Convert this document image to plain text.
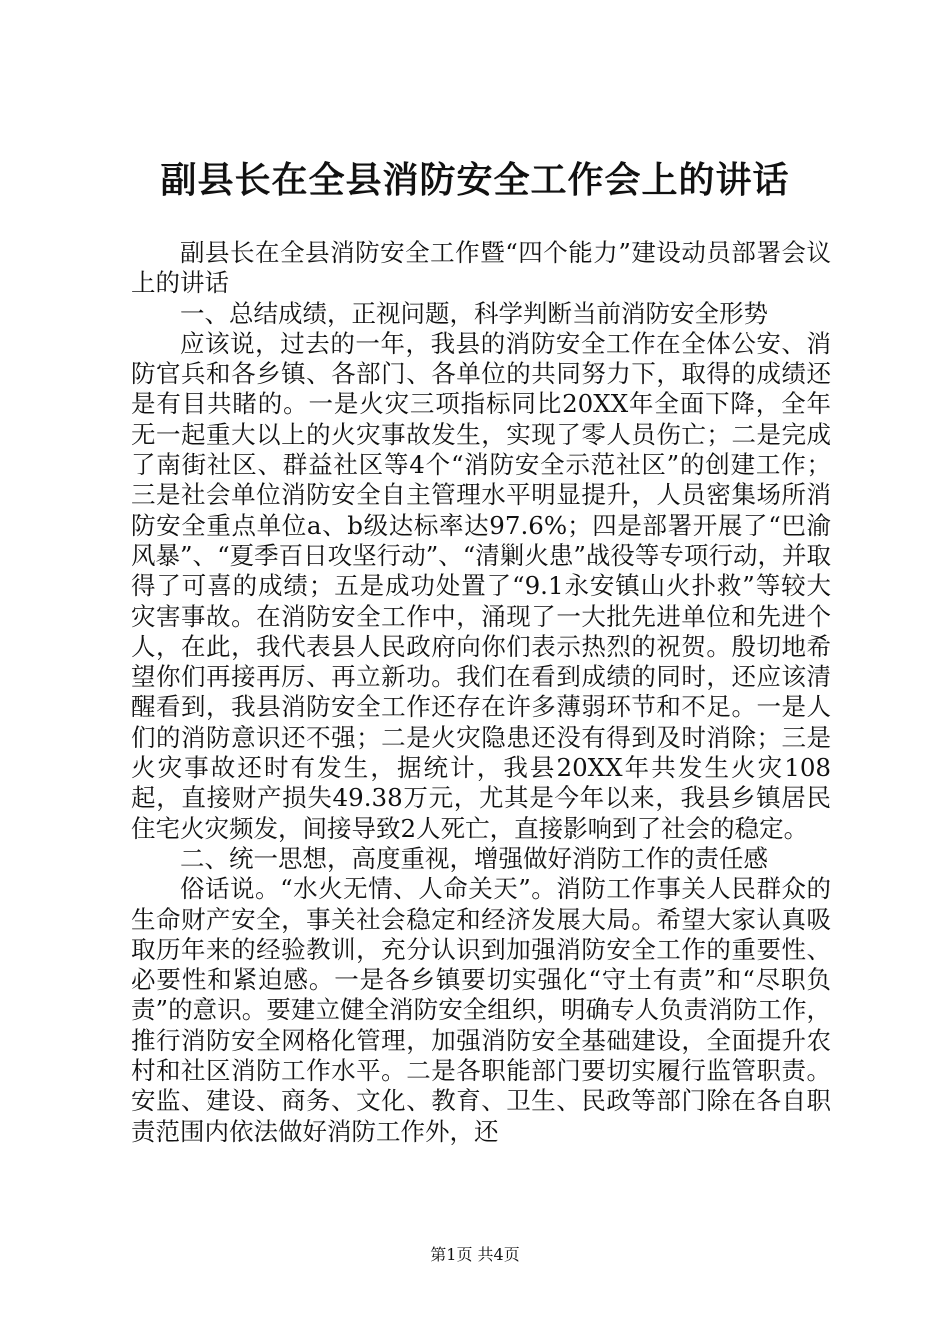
副县长在全县消防安全工作会上的讲话

副县长在全县消防安全工作暨“四个能力”建设动员部署会议上的讲话

一、总结成绩，正视问题，科学判断当前消防安全形势

应该说，过去的一年，我县的消防安全工作在全体公安、消防官兵和各乡镇、各部门、各单位的共同努力下，取得的成绩还是有目共睹的。一是火灾三项指标同比20XX年全面下降，全年无一起重大以上的火灾事故发生，实现了零人员伤亡；二是完成了南街社区、群益社区等4个“消防安全示范社区”的创建工作；三是社会单位消防安全自主管理水平明显提升，人员密集场所消防安全重点单位a、b级达标率达97.6%；四是部署开展了“巴渝风暴”、“夏季百日攻坚行动”、“清剿火患”战役等专项行动，并取得了可喜的成绩；五是成功处置了“9.1永安镇山火扑救”等较大灾害事故。在消防安全工作中，涌现了一大批先进单位和先进个人，在此，我代表县人民政府向你们表示热烈的祝贺。殷切地希望你们再接再厉、再立新功。我们在看到成绩的同时，还应该清醒看到，我县消防安全工作还存在许多薄弱环节和不足。一是人们的消防意识还不强；二是火灾隐患还没有得到及时消除；三是火灾事故还时有发生，据统计，我县20XX年共发生火灾108起，直接财产损失49.38万元，尤其是今年以来，我县乡镇居民住宅火灾频发，间接导致2人死亡，直接影响到了社会的稳定。

二、统一思想，高度重视，增强做好消防工作的责任感

俗话说。“水火无情、人命关天”。消防工作事关人民群众的生命财产安全，事关社会稳定和经济发展大局。希望大家认真吸取历年来的经验教训，充分认识到加强消防安全工作的重要性、必要性和紧迫感。一是各乡镇要切实强化“守土有责”和“尽职负责”的意识。要建立健全消防安全组织，明确专人负责消防工作，推行消防安全网格化管理，加强消防安全基础建设，全面提升农村和社区消防工作水平。二是各职能部门要切实履行监管职责。安监、建设、商务、文化、教育、卫生、民政等部门除在各自职责范围内依法做好消防工作外，还

第1页 共4页
